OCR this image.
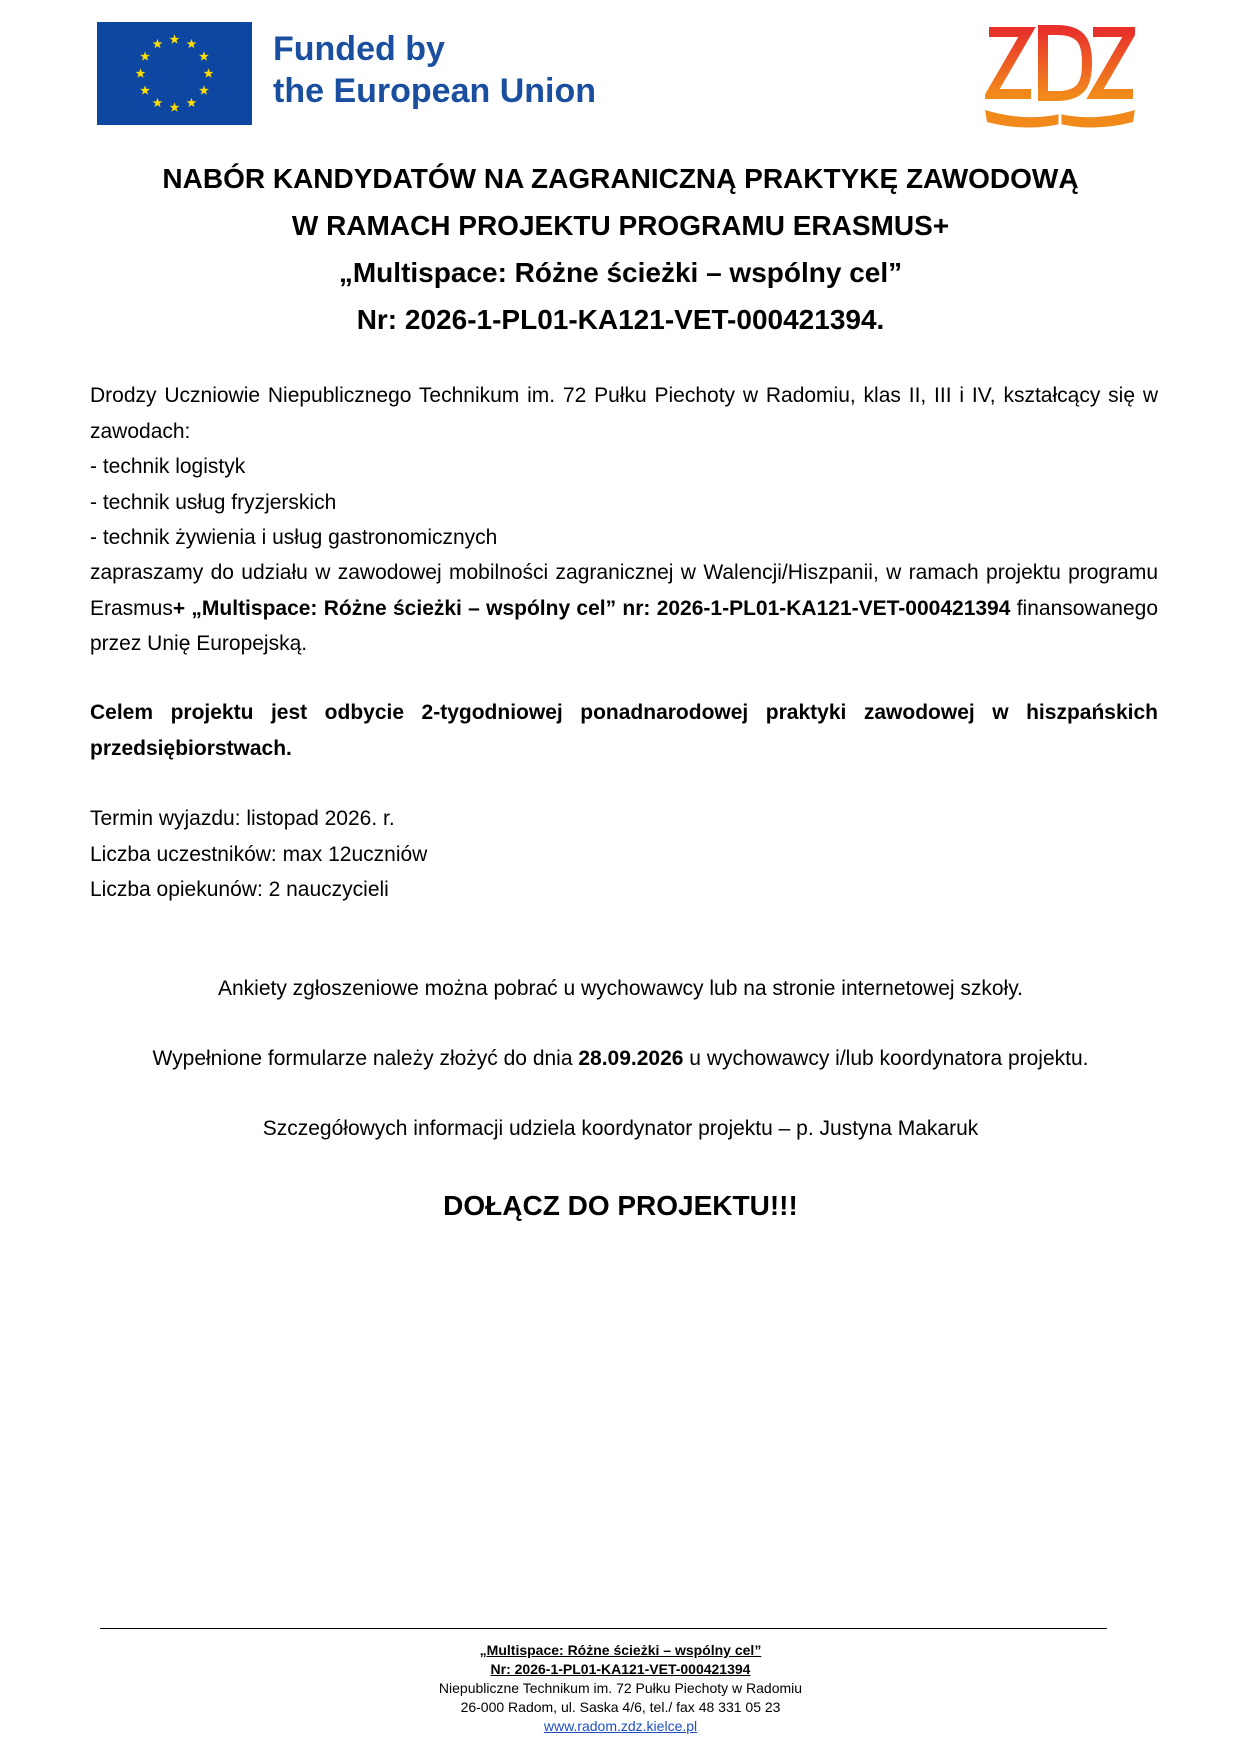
Funded by
the European Union
NABÓR KANDYDATÓW NA ZAGRANICZNĄ PRAKTYKĘ ZAWODOWĄ
W RAMACH PROJEKTU PROGRAMU ERASMUS+
„Multispace: Różne ścieżki – wspólny cel”
Nr: 2026-1-PL01-KA121-VET-000421394.
Drodzy Uczniowie Niepublicznego Technikum im. 72 Pułku Piechoty w Radomiu, klas II, III i IV, kształcący się w zawodach:
- technik logistyk
- technik usług fryzjerskich
- technik żywienia i usług gastronomicznych
zapraszamy do udziału w zawodowej mobilności zagranicznej w Walencji/Hiszpanii, w ramach projektu programu Erasmus+ „Multispace: Różne ścieżki – wspólny cel” nr: 2026-1-PL01-KA121-VET-000421394 finansowanego przez Unię Europejską.
Celem projektu jest odbycie 2-tygodniowej ponadnarodowej praktyki zawodowej w hiszpańskich przedsiębiorstwach.
Termin wyjazdu: listopad 2026. r.
Liczba uczestników: max 12uczniów
Liczba opiekunów: 2 nauczycieli
Ankiety zgłoszeniowe można pobrać u wychowawcy lub na stronie internetowej szkoły.
Wypełnione formularze należy złożyć do dnia 28.09.2026 u wychowawcy i/lub koordynatora projektu.
Szczegółowych informacji udziela koordynator projektu – p. Justyna Makaruk
DOŁĄCZ DO PROJEKTU!!!
„Multispace: Różne ścieżki – wspólny cel”
Nr: 2026-1-PL01-KA121-VET-000421394
Niepubliczne Technikum im. 72 Pułku Piechoty w Radomiu
26-000 Radom, ul. Saska 4/6, tel./ fax 48 331 05 23
www.radom.zdz.kielce.pl
